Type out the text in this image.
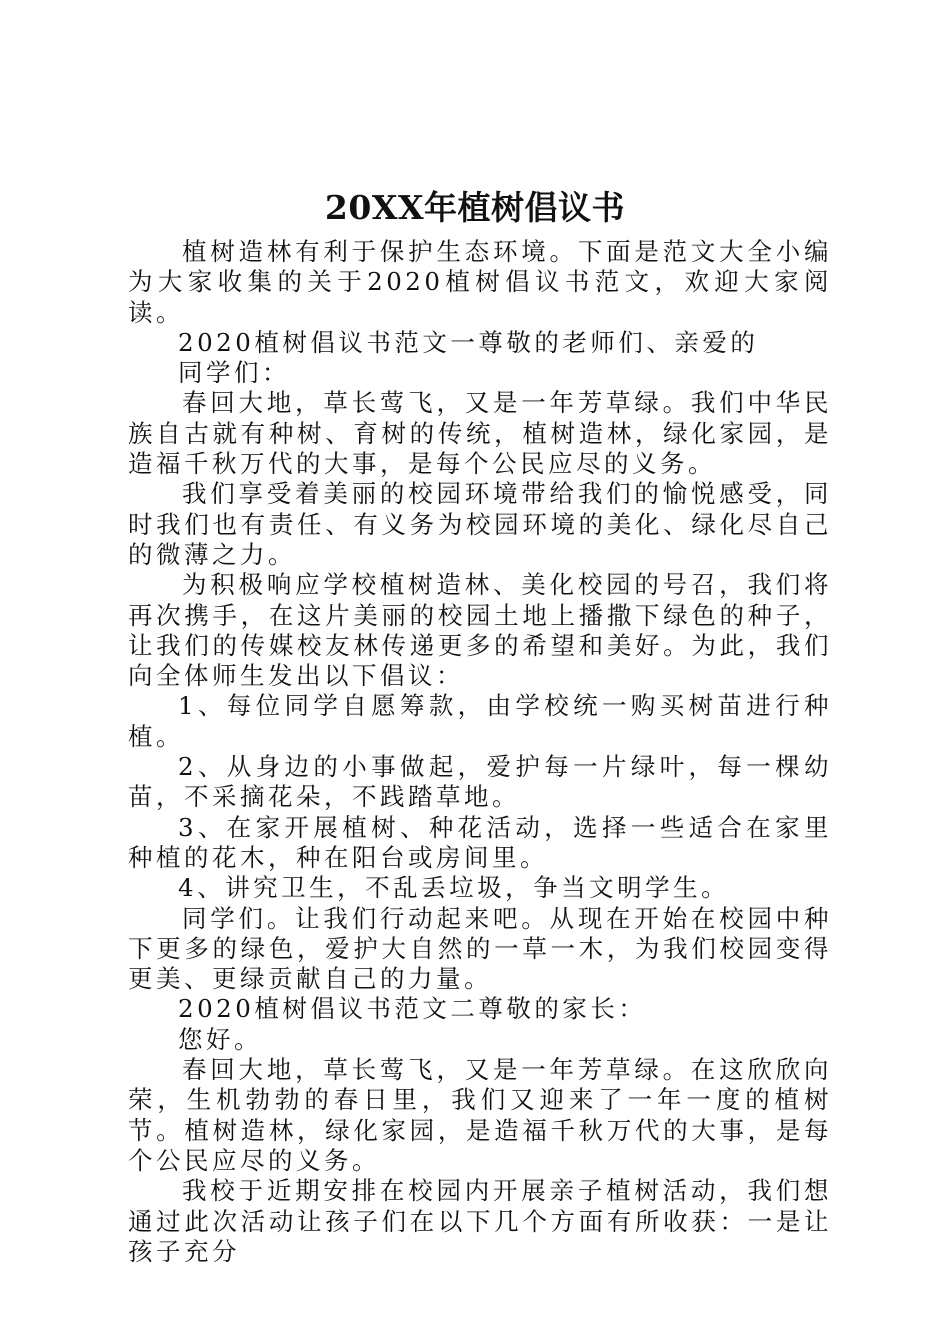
20XX年植树倡议书

植树造林有利于保护生态环境。下面是范文大全小编为大家收集的关于2020植树倡议书范文，欢迎大家阅读。

2020植树倡议书范文一尊敬的老师们、亲爱的

同学们：

春回大地，草长莺飞，又是一年芳草绿。我们中华民族自古就有种树、育树的传统，植树造林，绿化家园，是造福千秋万代的大事，是每个公民应尽的义务。

我们享受着美丽的校园环境带给我们的愉悦感受，同时我们也有责任、有义务为校园环境的美化、绿化尽自己的微薄之力。

为积极响应学校植树造林、美化校园的号召，我们将再次携手，在这片美丽的校园土地上播撒下绿色的种子，让我们的传媒校友林传递更多的希望和美好。为此，我们向全体师生发出以下倡议：

1、每位同学自愿筹款，由学校统一购买树苗进行种植。

2、从身边的小事做起，爱护每一片绿叶，每一棵幼苗，不采摘花朵，不践踏草地。

3、在家开展植树、种花活动，选择一些适合在家里种植的花木，种在阳台或房间里。

4、讲究卫生，不乱丢垃圾，争当文明学生。

同学们。让我们行动起来吧。从现在开始在校园中种下更多的绿色，爱护大自然的一草一木，为我们校园变得更美、更绿贡献自己的力量。

2020植树倡议书范文二尊敬的家长：

您好。

春回大地，草长莺飞，又是一年芳草绿。在这欣欣向荣，生机勃勃的春日里，我们又迎来了一年一度的植树节。植树造林，绿化家园，是造福千秋万代的大事，是每个公民应尽的义务。

我校于近期安排在校园内开展亲子植树活动，我们想通过此次活动让孩子们在以下几个方面有所收获：一是让孩子充分
